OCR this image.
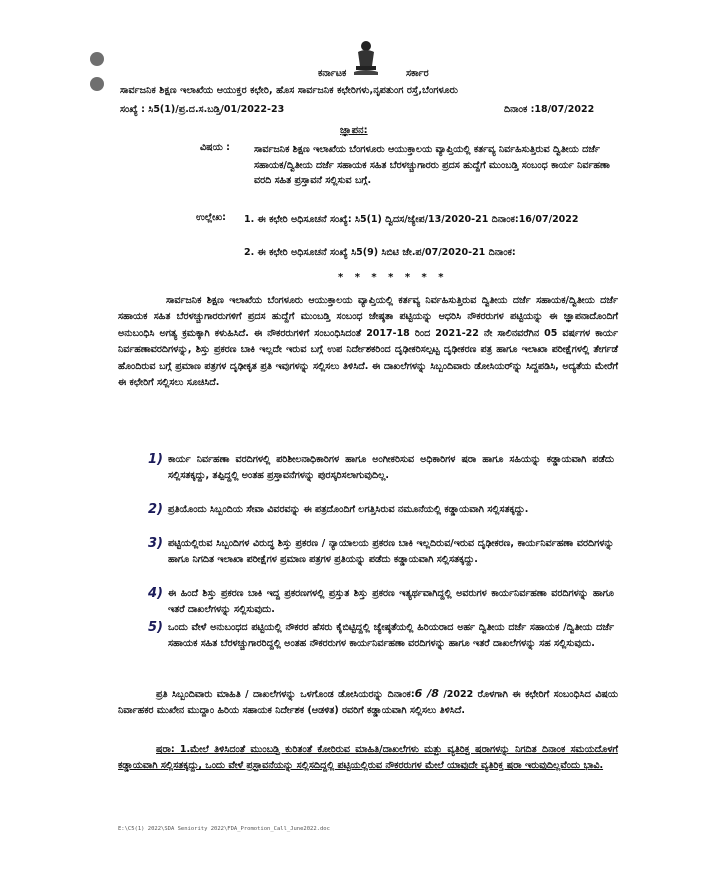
ಕರ್ನಾಟಕ	ಸರ್ಕಾರ
ಸಾರ್ವಜನಿಕ ಶಿಕ್ಷಣ ಇಲಾಖೆಯ ಆಯುಕ್ತರ ಕಛೇರಿ, ಹೊಸ ಸಾರ್ವಜನಿಕ ಕಛೇರಿಗಳು,ನೃಪತುಂಗ ರಸ್ತೆ,ಬೆಂಗಳೂರು
ಸಂಖ್ಯೆ : ಸಿ5(1)/ಪ್ರ.ದ.ಸ.ಬಡ್ತಿ/01/2022-23	ದಿನಾಂಕ :18/07/2022
ಜ್ಞಾಪನ:
ವಿಷಯ :	ಸಾರ್ವಜನಿಕ ಶಿಕ್ಷಣ ಇಲಾಖೆಯ ಬೆಂಗಳೂರು ಆಯುಕ್ತಾಲಯ ವ್ಯಾಪ್ತಿಯಲ್ಲಿ ಕರ್ತವ್ಯ ನಿರ್ವಹಿಸುತ್ತಿರುವ ದ್ವಿತೀಯ ದರ್ಜೆ ಸಹಾಯಕ/ದ್ವಿತೀಯ ದರ್ಜೆ ಸಹಾಯಕ ಸಹಿತ ಬೆರಳಚ್ಚುಗಾರರು ಪ್ರದಸ ಹುದ್ದೆಗೆ ಮುಂಬಡ್ತಿ ಸಂಬಂಧ ಕಾರ್ಯ ನಿರ್ವಹಣಾ ವರದಿ ಸಹಿತ ಪ್ರಸ್ತಾವನೆ ಸಲ್ಲಿಸುವ ಬಗ್ಗೆ.
ಉಲ್ಲೇಖ: 1. ಈ ಕಛೇರಿ ಅಧಿಸೂಚನೆ ಸಂಖ್ಯೆ: ಸಿ5(1) ದ್ವಿದಸ/ಜ್ಯೇಪ/13/2020-21 ದಿನಾಂಕ:16/07/2022
2. ಈ ಕಛೇರಿ ಅಧಿಸೂಚನೆ ಸಂಖ್ಯೆ ಸಿ5(9) ಸಿಬಿಟಿ ಜೇ.ಪ/07/2020-21 ದಿನಾಂಕ:
* * * * * * *
ಸಾರ್ವಜನಿಕ ಶಿಕ್ಷಣ ಇಲಾಖೆಯ ಬೆಂಗಳೂರು ಆಯುಕ್ತಾಲಯ ವ್ಯಾಪ್ತಿಯಲ್ಲಿ ಕರ್ತವ್ಯ ನಿರ್ವಹಿಸುತ್ತಿರುವ ದ್ವಿತೀಯ ದರ್ಜೆ ಸಹಾಯಕ/ದ್ವಿತೀಯ ದರ್ಜೆ ಸಹಾಯಕ ಸಹಿತ ಬೆರಳಚ್ಚುಗಾರರುಗಳಿಗೆ ಪ್ರದಸ ಹುದ್ದೆಗೆ ಮುಂಬಡ್ತಿ ಸಂಬಂಧ ಜೇಷ್ಠತಾ ಪಟ್ಟಿಯನ್ನು ಆಧರಿಸಿ ನೌಕರರುಗಳ ಪಟ್ಟಿಯನ್ನು ಈ ಜ್ಞಾಪನಾದೊಂದಿಗೆ ಅನುಬಂಧಿಸಿ ಅಗತ್ಯ ಕ್ರಮಕ್ಕಾಗಿ ಕಳುಹಿಸಿದೆ. ಈ ನೌಕರರುಗಳಿಗೆ ಸಂಬಂಧಿಸಿದಂತೆ 2017-18 ರಿಂದ 2021-22 ನೇ ಸಾಲಿನವರೆಗಿನ 05 ವರ್ಷಗಳ ಕಾರ್ಯ ನಿರ್ವಹಣಾವರದಿಗಳನ್ನು, ಶಿಸ್ತು ಪ್ರಕರಣ ಬಾಕಿ ಇಲ್ಲದೇ ಇರುವ ಬಗ್ಗೆ ಉಪ ನಿರ್ದೇಶಕರಿಂದ ದೃಢೀಕರಿಸಲ್ಪಟ್ಟ ದೃಢೀಕರಣ ಪತ್ರ ಹಾಗೂ ಇಲಾಖಾ ಪರೀಕ್ಷೆಗಳಲ್ಲಿ ತೇರ್ಗಡೆ ಹೊಂದಿರುವ ಬಗ್ಗೆ ಪ್ರಮಾಣ ಪತ್ರಗಳ ದೃಢೀಕೃತ ಪ್ರತಿ ಇವುಗಳನ್ನು ಸಲ್ಲಿಸಲು ತಿಳಿಸಿದೆ. ಈ ದಾಖಲೆಗಳನ್ನು ಸಿಬ್ಬಂದಿವಾರು ಡೋಸಿಯರ್‌ನ್ನು ಸಿದ್ದಪಡಿಸಿ, ಅದ್ಯತೆಯ ಮೇರೆಗೆ ಈ ಕಛೇರಿಗೆ ಸಲ್ಲಿಸಲು ಸೂಚಿಸಿದೆ.
1) ಕಾರ್ಯ ನಿರ್ವಹಣಾ ವರದಿಗಳಲ್ಲಿ ಪರಿಶೀಲನಾಧಿಕಾರಿಗಳ ಹಾಗೂ ಅಂಗೀಕರಿಸುವ ಅಧಿಕಾರಿಗಳ ಷರಾ ಹಾಗೂ ಸಹಿಯನ್ನು ಕಡ್ಡಾಯವಾಗಿ ಪಡೆದು ಸಲ್ಲಿಸತಕ್ಕದ್ದು, ತಪ್ಪಿದ್ದಲ್ಲಿ ಅಂತಹ ಪ್ರಸ್ತಾವನೆಗಳನ್ನು ಪುರಸ್ಕರಿಸಲಾಗುವುದಿಲ್ಲ.
2) ಪ್ರತಿಯೊಂದು ಸಿಬ್ಬಂದಿಯ ಸೇವಾ ವಿವರವನ್ನು ಈ ಪತ್ರದೊಂದಿಗೆ ಲಗತ್ತಿಸಿರುವ ನಮೂನೆಯಲ್ಲಿ ಕಡ್ಡಾಯವಾಗಿ ಸಲ್ಲಿಸತಕ್ಕದ್ದು.
3) ಪಟ್ಟಿಯಲ್ಲಿರುವ ಸಿಬ್ಬಂದಿಗಳ ವಿರುದ್ಧ ಶಿಸ್ತು ಪ್ರಕರಣ / ನ್ಯಾಯಾಲಯ ಪ್ರಕರಣ ಬಾಕಿ ಇಲ್ಲದಿರುವ/ಇರುವ ದೃಢೀಕರಣ, ಕಾರ್ಯನಿರ್ವಹಣಾ ವರದಿಗಳನ್ನು ಹಾಗೂ ನಿಗದಿತ ಇಲಾಖಾ ಪರೀಕ್ಷೆಗಳ ಪ್ರಮಾಣ ಪತ್ರಗಳ ಪ್ರತಿಯನ್ನು ಪಡೆದು ಕಡ್ಡಾಯವಾಗಿ ಸಲ್ಲಿಸತಕ್ಕದ್ದು.
4) ಈ ಹಿಂದೆ ಶಿಸ್ತು ಪ್ರಕರಣ ಬಾಕಿ ಇದ್ದ ಪ್ರಕರಣಗಳಲ್ಲಿ ಪ್ರಸ್ತುತ ಶಿಸ್ತು ಪ್ರಕರಣ ಇತ್ಯರ್ಥವಾಗಿದ್ದಲ್ಲಿ ಅವರುಗಳ ಕಾರ್ಯನಿರ್ವಹಣಾ ವರದಿಗಳನ್ನು ಹಾಗೂ ಇತರೆ ದಾಖಲೆಗಳನ್ನು ಸಲ್ಲಿಸುವುದು.
5) ಒಂದು ವೇಳೆ ಅನುಬಂಧದ ಪಟ್ಟಿಯಲ್ಲಿ ನೌಕರರ ಹೆಸರು ಕೈಬಿಟ್ಟಿದ್ದಲ್ಲಿ ಜ್ಯೇಷ್ಠತೆಯಲ್ಲಿ ಹಿರಿಯರಾದ ಅರ್ಹ ದ್ವಿತೀಯ ದರ್ಜೆ ಸಹಾಯಕ /ದ್ವಿತೀಯ ದರ್ಜೆ ಸಹಾಯಕ ಸಹಿತ ಬೆರಳಚ್ಚುಗಾರರಿದ್ದಲ್ಲಿ ಅಂತಹ ನೌಕರರುಗಳ ಕಾರ್ಯನಿರ್ವಹಣಾ ವರದಿಗಳನ್ನು ಹಾಗೂ ಇತರೆ ದಾಖಲೆಗಳನ್ನು ಸಹ ಸಲ್ಲಿಸುವುದು.
ಪ್ರತಿ ಸಿಬ್ಬಂದಿವಾರು ಮಾಹಿತಿ / ದಾಖಲೆಗಳನ್ನು ಒಳಗೊಂಡ ಡೋಸಿಯರನ್ನು ದಿನಾಂಕ:6 /8 /2022 ರೊಳಗಾಗಿ ಈ ಕಛೇರಿಗೆ ಸಂಬಂಧಿಸಿದ ವಿಷಯ ನಿರ್ವಾಹಕರ ಮುಖೇನ ಮುದ್ದಾಂ ಹಿರಿಯ ಸಹಾಯಕ ನಿರ್ದೇಶಕ (ಆಡಳಿತ) ರವರಿಗೆ ಕಡ್ಡಾಯವಾಗಿ ಸಲ್ಲಿಸಲು ತಿಳಿಸಿದೆ.
ಷರಾ: 1.ಮೇಲೆ ತಿಳಿಸಿದಂತೆ ಮುಂಬಡ್ತಿ ಕುರಿತಂತೆ ಕೋರಿರುವ ಮಾಹಿತಿ/ದಾಖಲೆಗಳು ಮತ್ತು ವ್ಯತಿರಿಕ್ತ ಷರಾಗಳನ್ನು ನಿಗದಿತ ದಿನಾಂಕ ಸಮಯದೊಳಗೆ ಕಡ್ಡಾಯವಾಗಿ ಸಲ್ಲಿಸತಕ್ಕದ್ದು, ಒಂದು ವೇಳೆ ಪ್ರಸ್ತಾವನೆಯನ್ನು ಸಲ್ಲಿಸದಿದ್ದಲ್ಲಿ ಪಟ್ಟಿಯಲ್ಲಿರುವ ನೌಕರರುಗಳ ಮೇಲೆ ಯಾವುದೇ ವ್ಯತಿರಿಕ್ತ ಷರಾ ಇರುವುದಿಲ್ಲವೆಂದು ಭಾವಿ.
E:\C5(1) 2022\SDA Seniority 2022\FDA_Promotion_Call_June2022.doc
